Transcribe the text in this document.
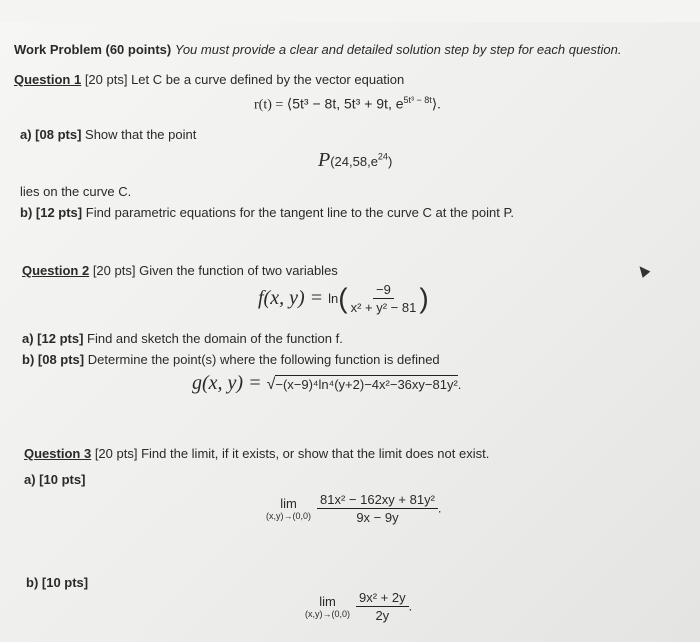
Work Problem (60 points) You must provide a clear and detailed solution step by step for each question.
Question 1 [20 pts] Let C be a curve defined by the vector equation
r(t) = ⟨5t³ − 8t, 5t³ + 9t, $e^{5t^3 - 8t}⟩$.
a) [08 pts] Show that the point
$P(24,58,e^{24})$
lies on the curve C.
b) [12 pts] Find parametric equations for the tangent line to the curve C at the point P.
Question 2 [20 pts] Given the function of two variables
f(x, $y) = \ln( \frac{-9}{\text{x² + y² − 81}}$ )
a) [12 pts] Find and sketch the domain of the function f.
b) [08 pts] Determine the point(s) where the following function is defined
g(x, y) = √−(x−9)⁴ln⁴(y+2)−4x²−36xy−81y².
Question 3 [20 pts] Find the limit, if it exists, or show that the limit does not exist.
a) [10 pts]
lim
$(x,y)\to(0,0) \frac{\text{81x² − 162xy + 81y²}}{9x - 9y}$ .
b) [10 pts]
lim
$(x,y)\to(0,0) \frac{\text{9x² + 2y}}{2y}$ .
